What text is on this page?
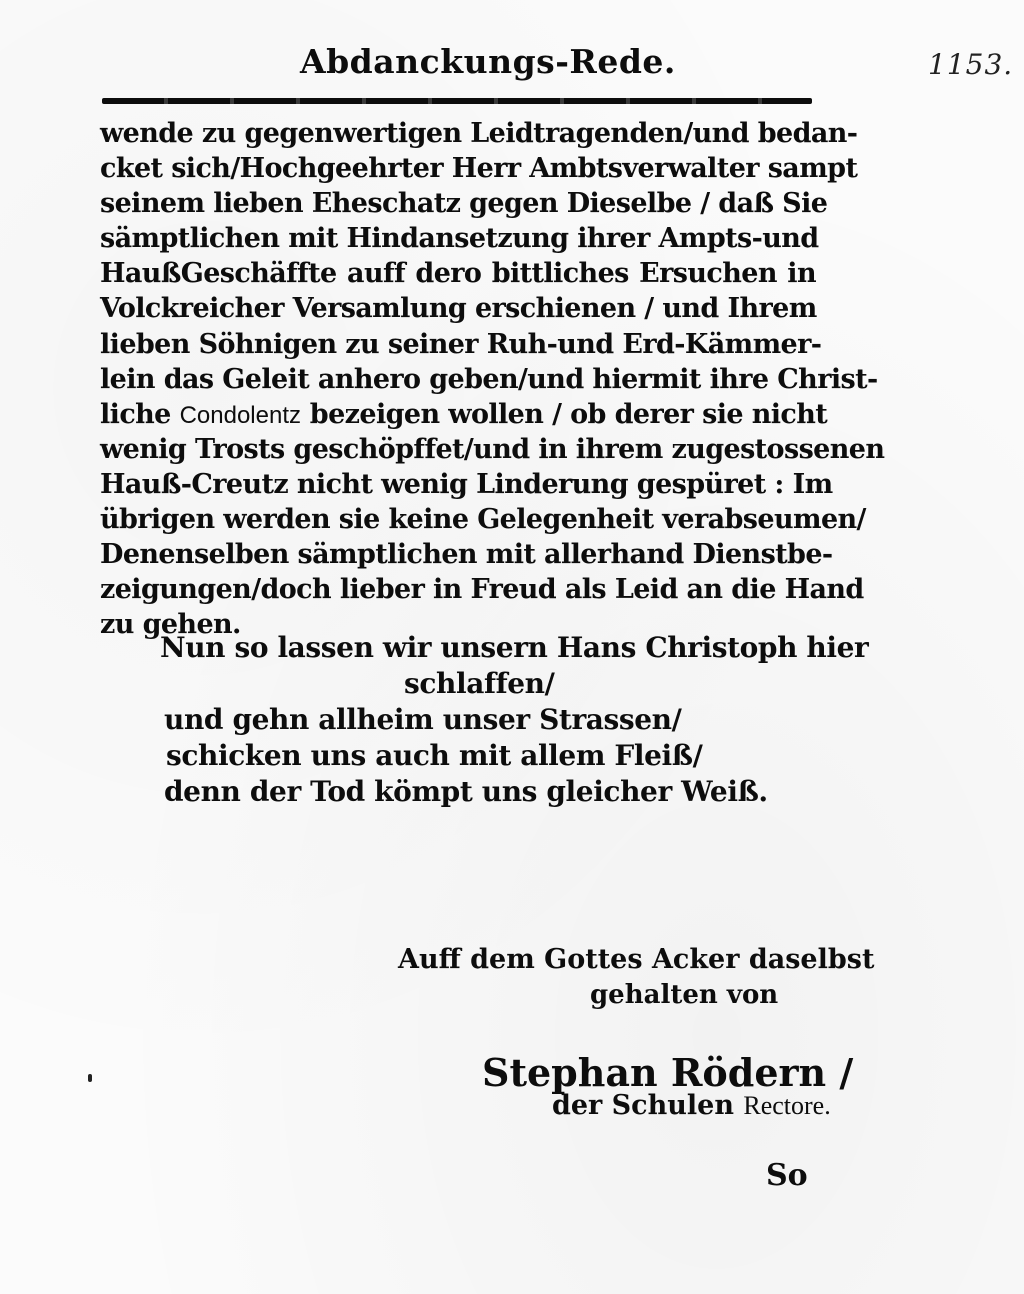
1153.
Abdanckungs-Rede.
wende zu gegenwertigen Leidtragenden/und bedan-
cket sich/Hochgeehrter Herr Ambtsverwalter sampt
seinem lieben Eheschatz gegen Dieselbe / daß Sie
sämptlichen mit Hindansetzung ihrer Ampts-und
HaußGeschäffte auff dero bittliches Ersuchen in
Volckreicher Versamlung erschienen / und Ihrem
lieben Söhnigen zu seiner Ruh-und Erd-Kämmer-
lein das Geleit anhero geben/und hiermit ihre Christ-
liche Condolentz bezeigen wollen / ob derer sie nicht
wenig Trosts geschöpffet/und in ihrem zugestossenen
Hauß-Creutz nicht wenig Linderung gespüret : Im
übrigen werden sie keine Gelegenheit verabseumen/
Denenselben sämptlichen mit allerhand Dienstbe-
zeigungen/doch lieber in Freud als Leid an die Hand
zu gehen.
Nun so lassen wir unsern Hans Christoph hier
schlaffen/
und gehn allheim unser Strassen/
schicken uns auch mit allem Fleiß/
denn der Tod kömpt uns gleicher Weiß.
Auff dem Gottes Acker daselbst
gehalten von
Stephan Rödern /
der Schulen Rectore.
So
